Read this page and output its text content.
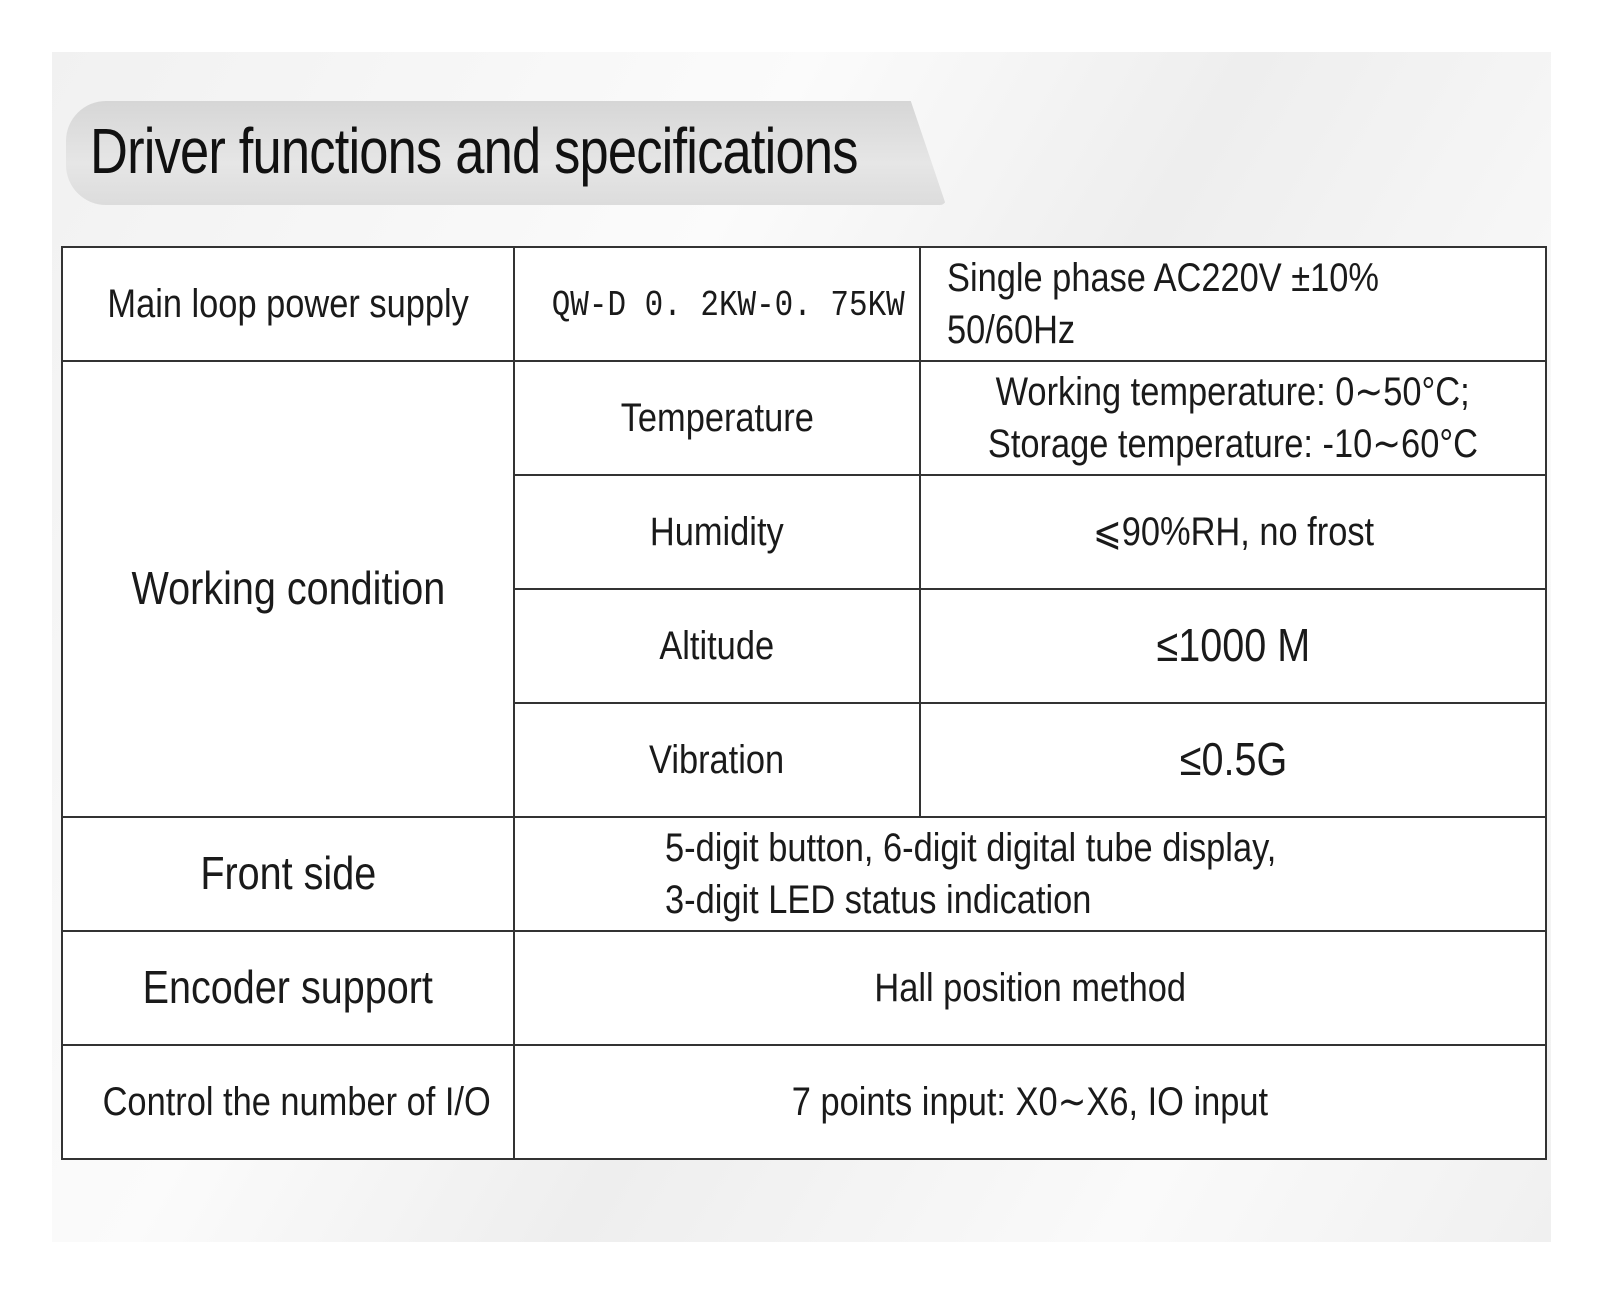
Driver functions and specifications
Main loop power supply	QW-D 0. 2KW-0. 75KW	Single phase AC220V ±10%
50/60Hz
Working condition	Temperature	Working temperature: 0∼50°C;
Storage temperature: -10∼60°C
	Humidity	⩽90%RH, no frost
	Altitude	≤1000 M
	Vibration	≤0.5G
Front side	5-digit button, 6-digit digital tube display,
3-digit LED status indication	
Encoder support	Hall position method	
Control the number of I/O	7 points input: X0∼X6, IO input	
